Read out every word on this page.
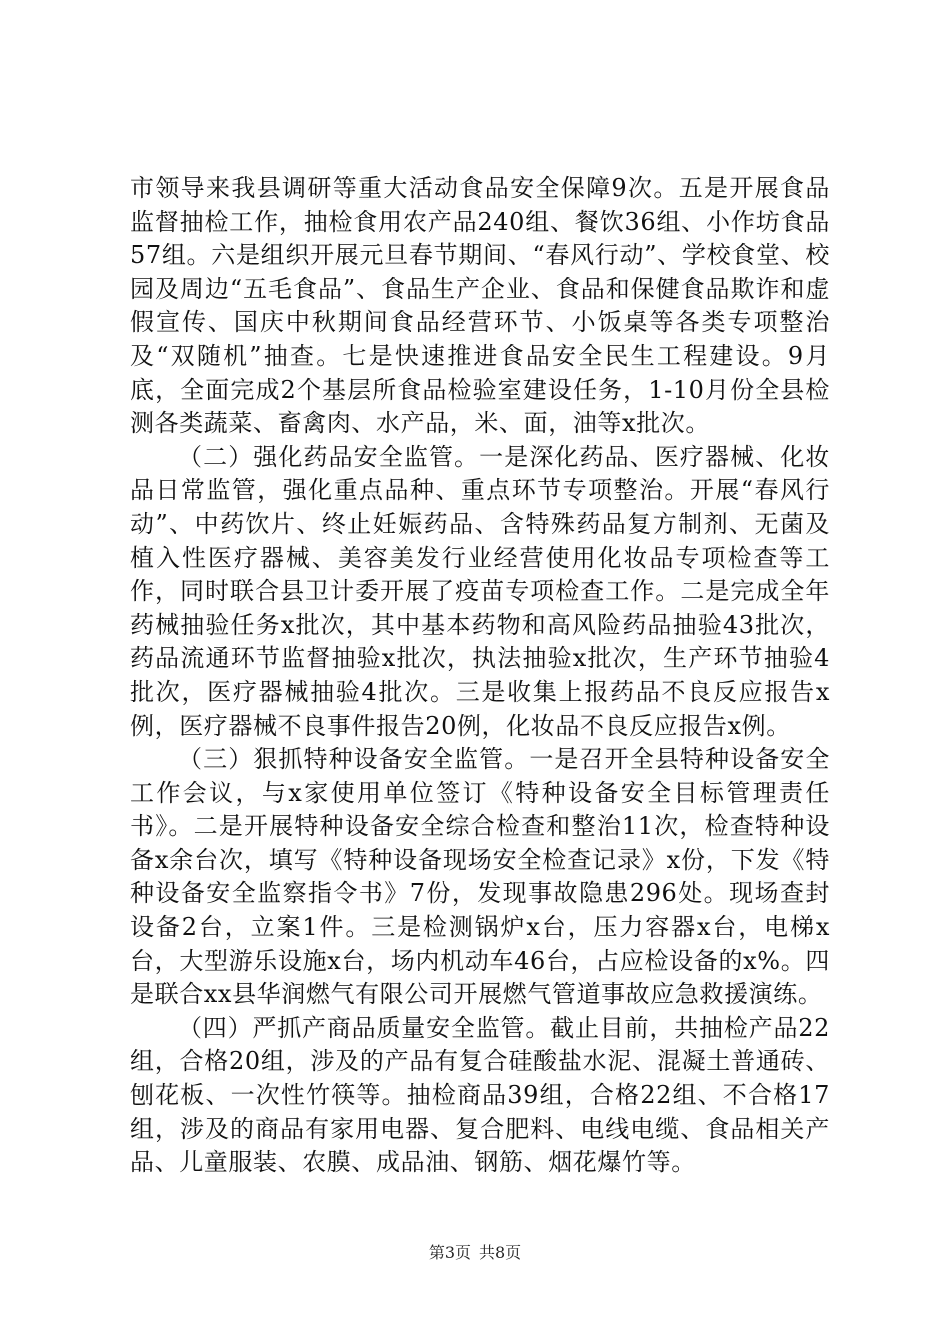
市领导来我县调研等重大活动食品安全保障9次。五是开展食品监督抽检工作，抽检食用农产品240组、餐饮36组、小作坊食品57组。六是组织开展元旦春节期间、“春风行动”、学校食堂、校园及周边“五毛食品”、食品生产企业、食品和保健食品欺诈和虚假宣传、国庆中秋期间食品经营环节、小饭桌等各类专项整治及“双随机”抽查。七是快速推进食品安全民生工程建设。9月底，全面完成2个基层所食品检验室建设任务，1-10月份全县检测各类蔬菜、畜禽肉、水产品，米、面，油等x批次。

（二）强化药品安全监管。一是深化药品、医疗器械、化妆品日常监管，强化重点品种、重点环节专项整治。开展“春风行动”、中药饮片、终止妊娠药品、含特殊药品复方制剂、无菌及植入性医疗器械、美容美发行业经营使用化妆品专项检查等工作，同时联合县卫计委开展了疫苗专项检查工作。二是完成全年药械抽验任务x批次，其中基本药物和高风险药品抽验43批次，药品流通环节监督抽验x批次，执法抽验x批次，生产环节抽验4批次，医疗器械抽验4批次。三是收集上报药品不良反应报告x例，医疗器械不良事件报告20例，化妆品不良反应报告x例。

（三）狠抓特种设备安全监管。一是召开全县特种设备安全工作会议，与x家使用单位签订《特种设备安全目标管理责任书》。二是开展特种设备安全综合检查和整治11次，检查特种设备x余台次，填写《特种设备现场安全检查记录》x份，下发《特种设备安全监察指令书》7份，发现事故隐患296处。现场查封设备2台，立案1件。三是检测锅炉x台，压力容器x台，电梯x台，大型游乐设施x台，场内机动车46台，占应检设备的x%。四是联合xx县华润燃气有限公司开展燃气管道事故应急救援演练。

（四）严抓产商品质量安全监管。截止目前，共抽检产品22组，合格20组，涉及的产品有复合硅酸盐水泥、混凝土普通砖、刨花板、一次性竹筷等。抽检商品39组，合格22组、不合格17组，涉及的商品有家用电器、复合肥料、电线电缆、食品相关产品、儿童服装、农膜、成品油、钢筋、烟花爆竹等。

第3页 共8页
